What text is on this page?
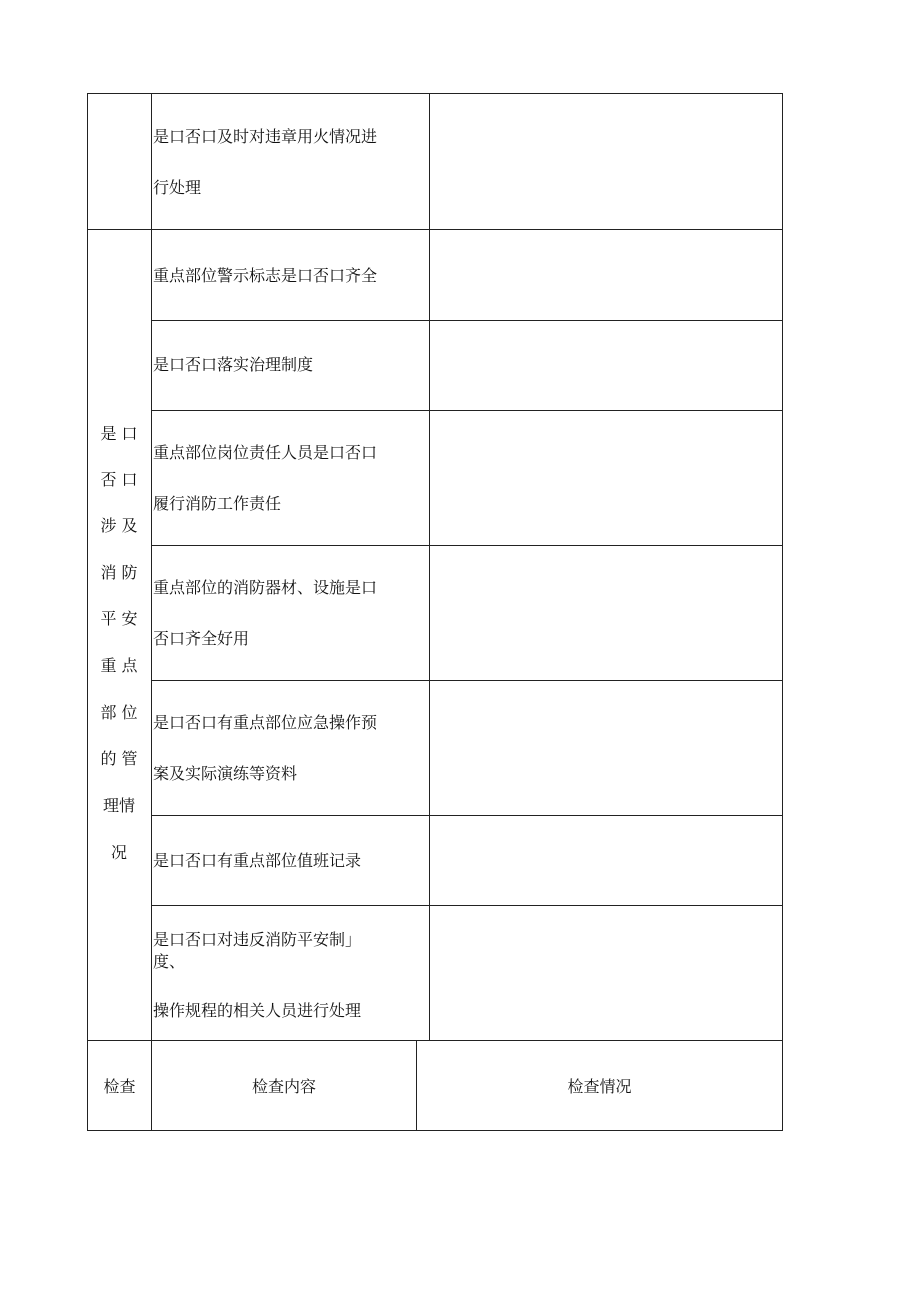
是口否口及时对违章用火情况进
行处理
重点部位警示标志是口否口齐全
是口否口落实治理制度
重点部位岗位责任人员是口否口
履行消防工作责任
重点部位的消防器材、设施是口
否口齐全好用
是口否口有重点部位应急操作预
案及实际演练等资料
是口否口有重点部位值班记录
是口否口对违反消防平安制」
度、
操作规程的相关人员进行处理
是 口
否 口
涉 及
消 防
平 安
重 点
部 位
的 管
理情
况
检查	检查内容	检查情况
